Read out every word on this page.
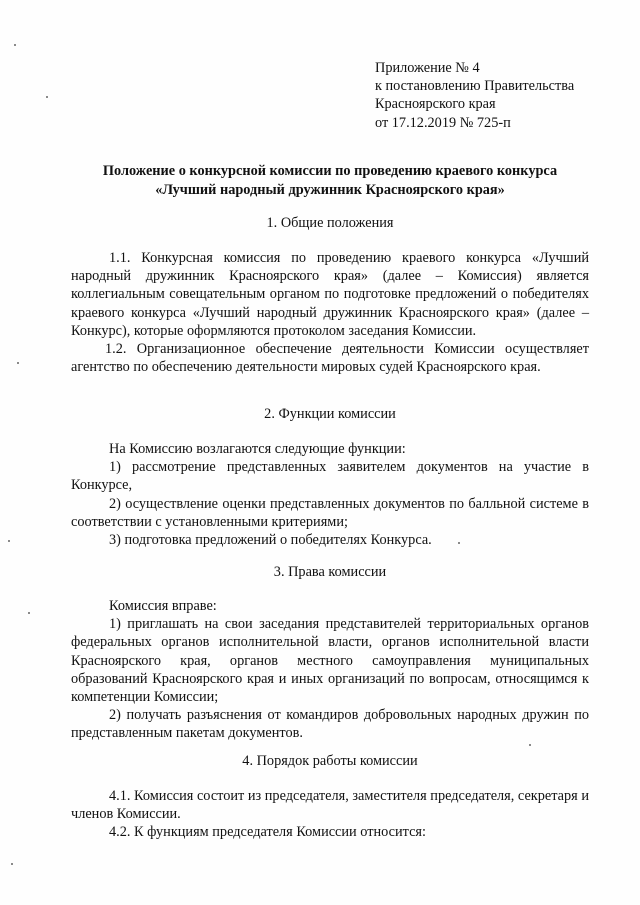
Приложение № 4
к постановлению Правительства
Красноярского края
от 17.12.2019 № 725-п
Положение о конкурсной комиссии по проведению краевого конкурса
«Лучший народный дружинник Красноярского края»
1. Общие положения

1.1. Конкурсная комиссия по проведению краевого конкурса «Лучший народный дружинник Красноярского края» (далее – Комиссия) является коллегиальным совещательным органом по подготовке предложений о победителях краевого конкурса «Лучший народный дружинник Красноярского края» (далее – Конкурс), которые оформляются протоколом заседания Комиссии.

1.2. Организационное обеспечение деятельности Комиссии осуществляет агентство по обеспечению деятельности мировых судей Красноярского края.

2. Функции комиссии

На Комиссию возлагаются следующие функции:

1) рассмотрение представленных заявителем документов на участие в Конкурсе,

2) осуществление оценки представленных документов по балльной системе в соответствии с установленными критериями;

3) подготовка предложений о победителях Конкурса.

3. Права комиссии

Комиссия вправе:

1) приглашать на свои заседания представителей территориальных органов федеральных органов исполнительной власти, органов исполнительной власти Красноярского края, органов местного самоуправления муниципальных образований Красноярского края и иных организаций по вопросам, относящимся к компетенции Комиссии;

2) получать разъяснения от командиров добровольных народных дружин по представленным пакетам документов.

4. Порядок работы комиссии

4.1. Комиссия состоит из председателя, заместителя председателя, секретаря и членов Комиссии.

4.2. К функциям председателя Комиссии относится:
